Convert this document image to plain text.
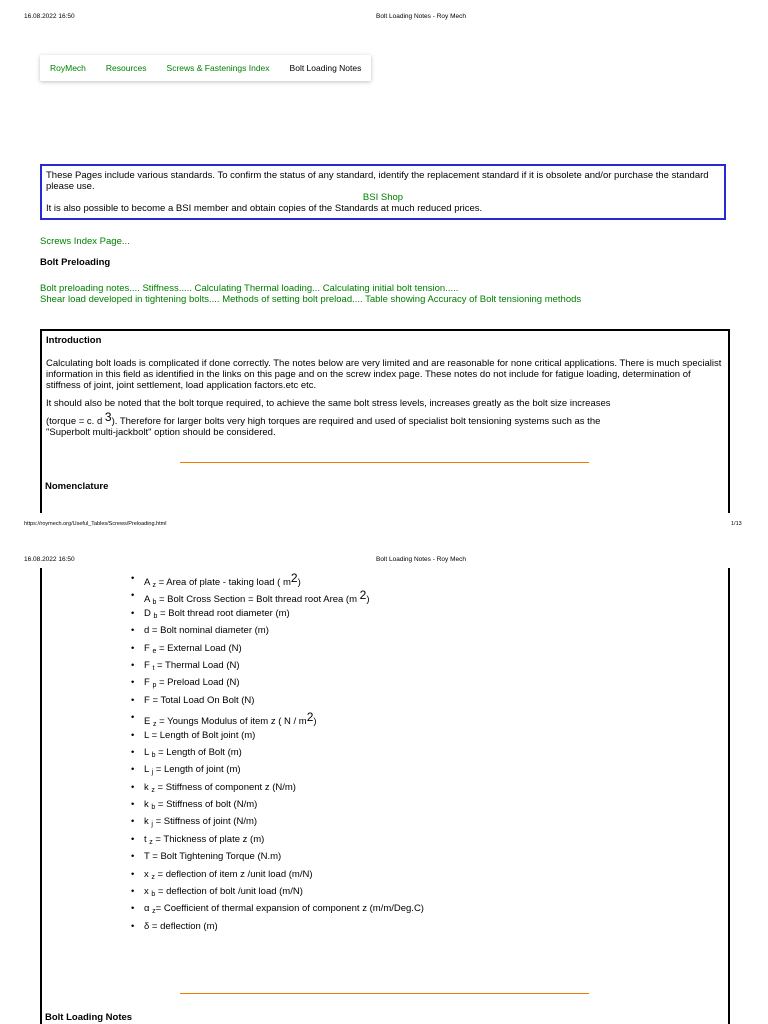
16.08.2022 16:50	Bolt Loading Notes - Roy Mech
RoyMech	Resources	Screws & Fastenings Index	Bolt Loading Notes
These Pages include various standards. To confirm the status of any standard, identify the replacement standard if it is obsolete and/or purchase the standard please use.
BSI Shop
It is also possible to become a BSI member and obtain copies of the Standards at much reduced prices.
Screws Index Page...
Bolt Preloading
Bolt preloading notes.... Stiffness..... Calculating Thermal loading... Calculating initial bolt tension.....
Shear load developed in tightening bolts.... Methods of setting bolt preload.... Table showing Accuracy of Bolt tensioning methods

Introduction

Calculating bolt loads is complicated if done correctly. The notes below are very limited and are reasonable for none critical applications. There is much specialist information in this field as identified in the links on this page and on the screw index page. These notes do not include for fatigue loading, determination of stiffness of joint, joint settlement, load application factors.etc etc.

It should also be noted that the bolt torque required, to achieve the same bolt stress levels, increases greatly as the bolt size increases

(torque = c. d $^3$). Therefore for larger bolts very high torques are required and used of specialist bolt tensioning systems such as the

"Superbolt multi-jackbolt" option should be considered.

Nomenclature
https://roymech.org/Useful_Tables/Screws/Preloading.html	1/13
16.08.2022 16:50	Bolt Loading Notes - Roy Mech
• A $_z$ = Area of plate - taking load ( $m^2$)
• A $_b$ = Bolt Cross Section = Bolt thread root Area (m $^2$)
• D $_b$ = Bolt thread root diameter (m)
• d = Bolt nominal diameter (m)
• F $_e$ = External Load (N)
• F $_t$ = Thermal Load (N)
• F $_p$ = Preload Load (N)
• F = Total Load On Bolt (N)
• E $_z$ = Youngs Modulus of item z ( N / $m^2$)
• L = Length of Bolt joint (m)
• L $_b$ = Length of Bolt (m)
• L $_j$ = Length of joint (m)
• k $_z$ = Stiffness of component z (N/m)
• k $_b$ = Stiffness of bolt (N/m)
• k $_j$ = Stiffness of joint (N/m)
• t $_z$ = Thickness of plate z (m)
• T = Bolt Tightening Torque (N.m)
• x $_z$ = deflection of item z /unit load (m/N)
• x $_b$ = deflection of bolt /unit load (m/N)
• α $_z$= Coefficient of thermal expansion of component z (m/m/Deg.C)
• δ = deflection (m)
Bolt Loading Notes
